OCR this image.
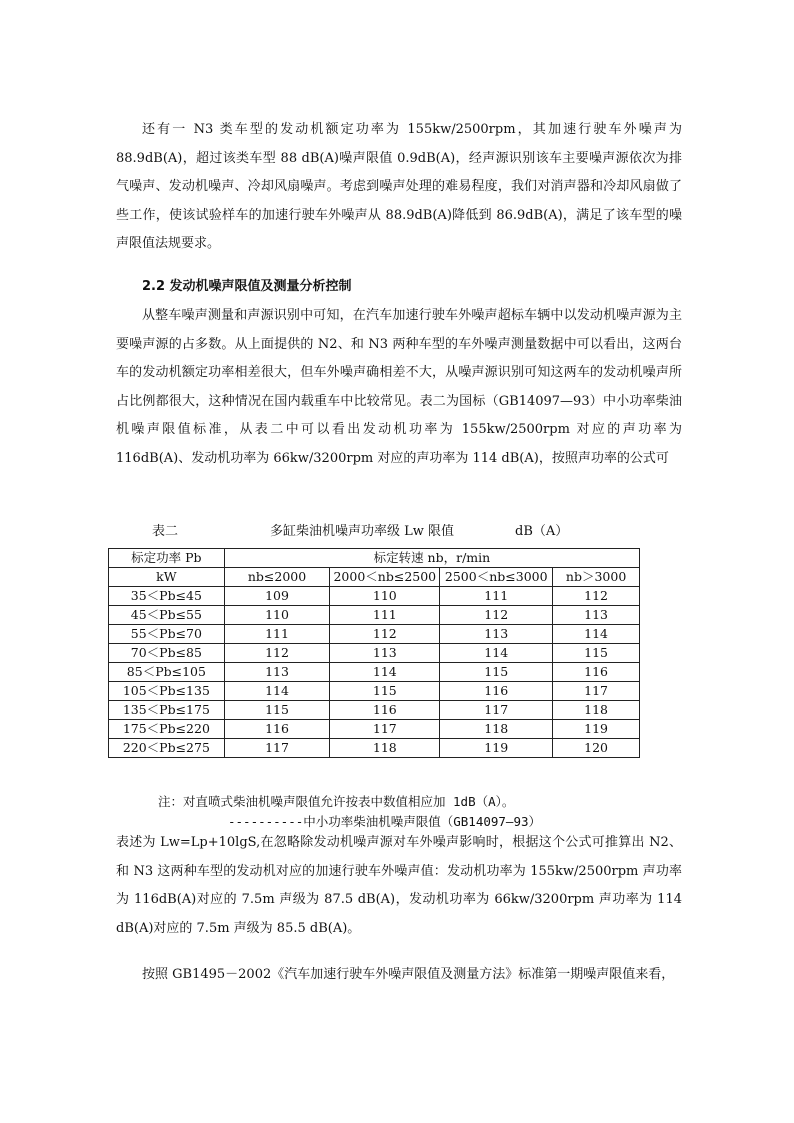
还有一 N3 类车型的发动机额定功率为 155kw/2500rpm，其加速行驶车外噪声为88.9dB(A)，超过该类车型 88 dB(A)噪声限值 0.9dB(A)，经声源识别该车主要噪声源依次为排气噪声、发动机噪声、冷却风扇噪声。考虑到噪声处理的难易程度，我们对消声器和冷却风扇做了些工作，使该试验样车的加速行驶车外噪声从 88.9dB(A)降低到 86.9dB(A)，满足了该车型的噪声限值法规要求。

2.2 发动机噪声限值及测量分析控制

从整车噪声测量和声源识别中可知，在汽车加速行驶车外噪声超标车辆中以发动机噪声源为主要噪声源的占多数。从上面提供的 N2、和 N3 两种车型的车外噪声测量数据中可以看出，这两台车的发动机额定功率相差很大，但车外噪声确相差不大，从噪声源识别可知这两车的发动机噪声所占比例都很大，这种情况在国内载重车中比较常见。表二为国标（GB14097—93）中小功率柴油机噪声限值标准，从表二中可以看出发动机功率为 155kw/2500rpm 对应的声功率为 116dB(A)、发动机功率为 66kw/3200rpm 对应的声功率为 114 dB(A)，按照声功率的公式可

表二	多缸柴油机噪声功率级 Lw 限值	dB（A）
标定功率 Pb	标定转速 nb，r/min			
kW	nb≤2000	2000＜nb≤2500	2500＜nb≤3000	nb＞3000
35＜Pb≤45	109	110	111	112
45＜Pb≤55	110	111	112	113
55＜Pb≤70	111	112	113	114
70＜Pb≤85	112	113	114	115
85＜Pb≤105	113	114	115	116
105＜Pb≤135	114	115	116	117
135＜Pb≤175	115	116	117	118
175＜Pb≤220	116	117	118	119
220＜Pb≤275	117	118	119	120
注：对直喷式柴油机噪声限值允许按表中数值相应加 1dB（A）。
----------中小功率柴油机噪声限值（GB14097—93）

表述为 Lw=Lp+10lgS,在忽略除发动机噪声源对车外噪声影响时，根据这个公式可推算出 N2、和 N3 这两种车型的发动机对应的加速行驶车外噪声值：发动机功率为 155kw/2500rpm 声功率为 116dB(A)对应的 7.5m 声级为 87.5 dB(A)，发动机功率为 66kw/3200rpm 声功率为 114 dB(A)对应的 7.5m 声级为 85.5 dB(A)。

按照 GB1495－2002《汽车加速行驶车外噪声限值及测量方法》标准第一期噪声限值来看，
